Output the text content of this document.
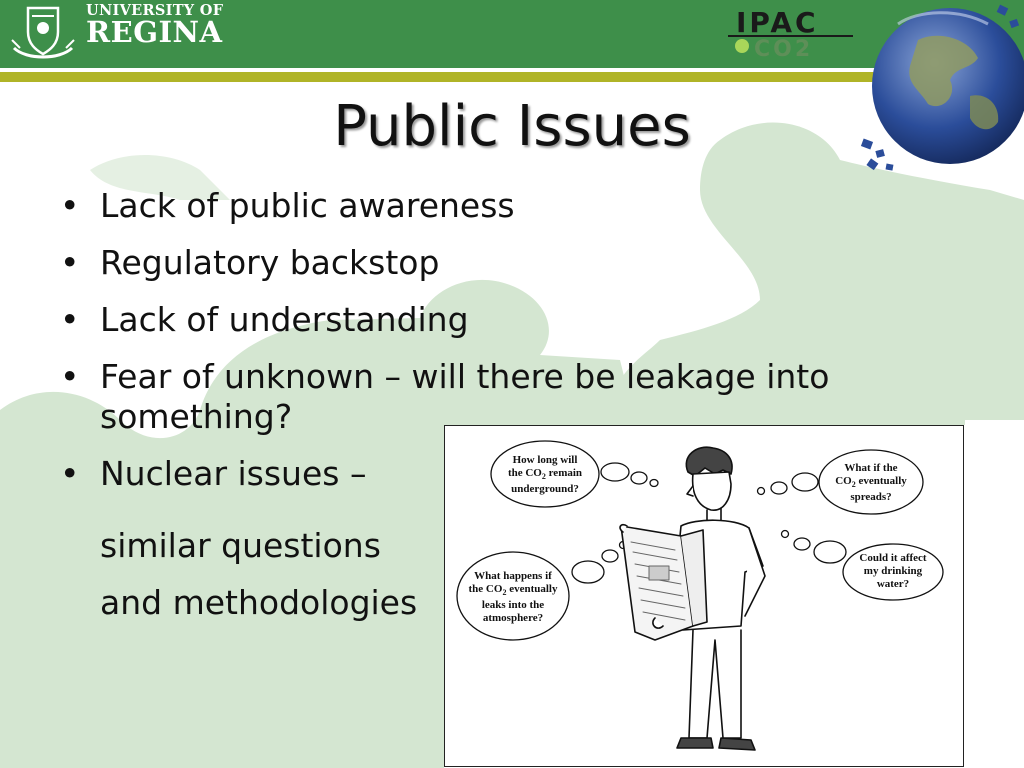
UNIVERSITY OF
REGINA	IPAC
CO2
Public Issues
• Lack of public awareness
• Regulatory backstop
• Lack of understanding
• Fear of unknown – will there be leakage into
something?
• Nuclear issues –
similar questions
and methodologies
How long will
the $CO_2$ remain
underground?
What if the
$CO_2$ eventually
spreads?
What happens if
the $CO_2$ eventually
leaks into the
atmosphere?
Could it affect
my drinking
water?
